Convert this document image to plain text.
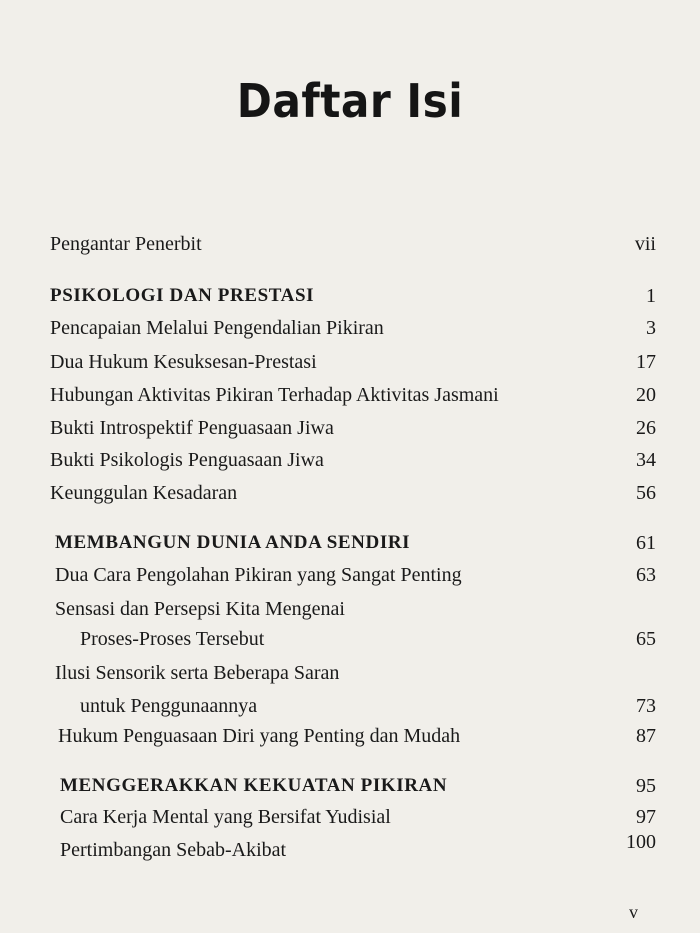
Daftar Isi
Pengantar Penerbit	vii
PSIKOLOGI DAN PRESTASI	1
Pencapaian Melalui Pengendalian Pikiran	3
Dua Hukum Kesuksesan-Prestasi	17
Hubungan Aktivitas Pikiran Terhadap Aktivitas Jasmani	20
Bukti Introspektif Penguasaan Jiwa	26
Bukti Psikologis Penguasaan Jiwa	34
Keunggulan Kesadaran	56
MEMBANGUN DUNIA ANDA SENDIRI	61
Dua Cara Pengolahan Pikiran yang Sangat Penting	63
Sensasi dan Persepsi Kita Mengenai
Proses-Proses Tersebut	65
Ilusi Sensorik serta Beberapa Saran
untuk Penggunaannya	73
Hukum Penguasaan Diri yang Penting dan Mudah	87
MENGGERAKKAN KEKUATAN PIKIRAN	95
Cara Kerja Mental yang Bersifat Yudisial	97
Pertimbangan Sebab-Akibat	100
v
